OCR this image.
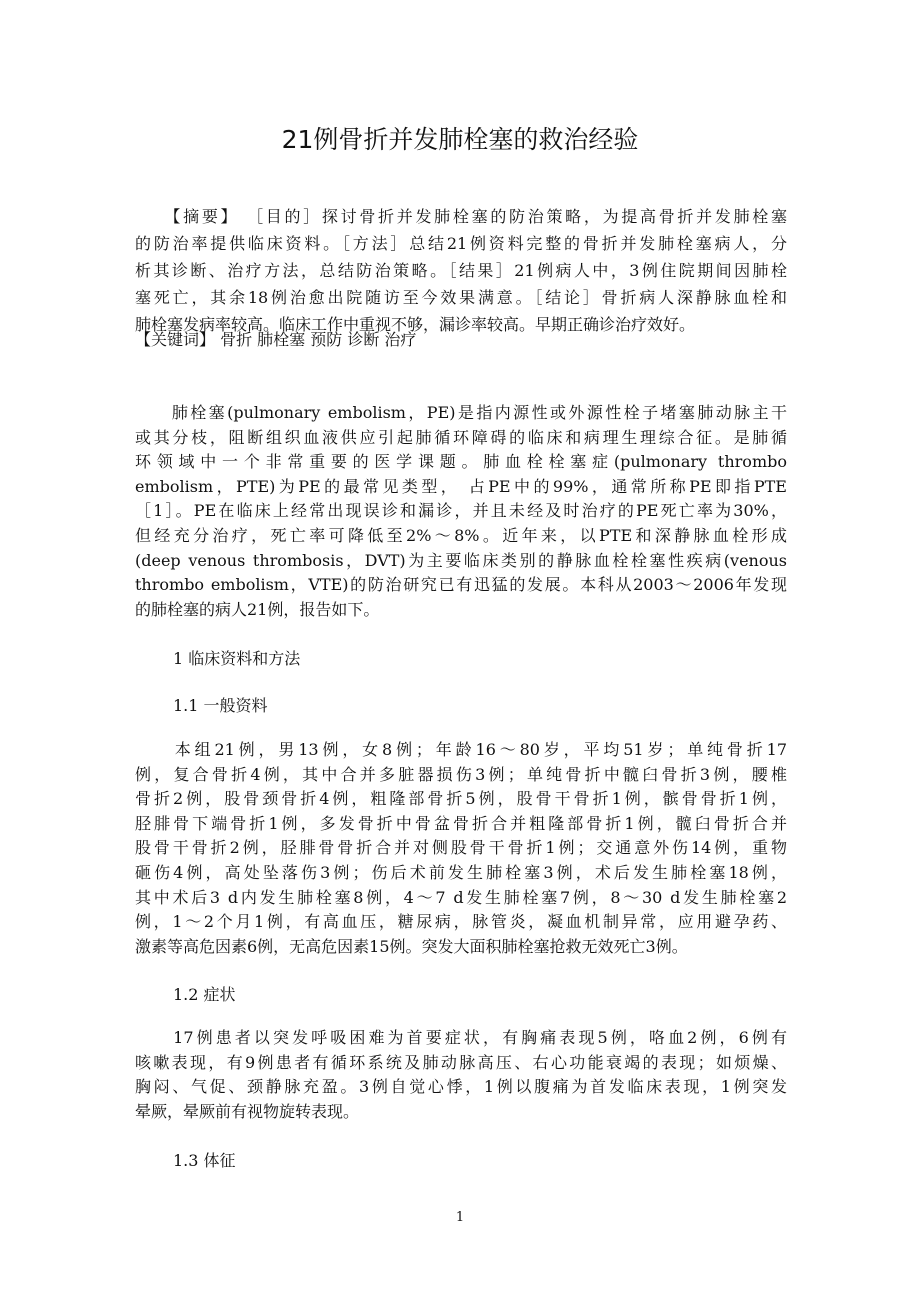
21例骨折并发肺栓塞的救治经验
　　【摘要】 ［目的］探讨骨折并发肺栓塞的防治策略，为提高骨折并发肺栓塞
的防治率提供临床资料。［方法］总结21例资料完整的骨折并发肺栓塞病人，分
析其诊断、治疗方法，总结防治策略。［结果］21例病人中，3例住院期间因肺栓
塞死亡，其余18例治愈出院随访至今效果满意。［结论］骨折病人深静脉血栓和
肺栓塞发病率较高。临床工作中重视不够，漏诊率较高。早期正确诊治疗效好。
【关键词】 骨折 肺栓塞 预防 诊断 治疗
　　肺栓塞(pulmonary embolism，PE)是指内源性或外源性栓子堵塞肺动脉主干
或其分枝，阻断组织血液供应引起肺循环障碍的临床和病理生理综合征。是肺循
环领域中一个非常重要的医学课题。肺血栓栓塞症(pulmonary thrombo
embolism，PTE)为PE的最常见类型， 占PE中的99%，通常所称PE即指PTE
［1］。PE在临床上经常出现误诊和漏诊，并且未经及时治疗的PE死亡率为30%，
但经充分治疗，死亡率可降低至2%～8%。近年来，以PTE和深静脉血栓形成
(deep venous thrombosis，DVT)为主要临床类别的静脉血栓栓塞性疾病(venous
thrombo embolism，VTE)的防治研究已有迅猛的发展。本科从2003～2006年发现
的肺栓塞的病人21例，报告如下。
1 临床资料和方法
1.1 一般资料
　　本组21例，男13例，女8例；年龄16～80岁，平均51岁；单纯骨折17
例，复合骨折4例，其中合并多脏器损伤3例；单纯骨折中髋臼骨折3例，腰椎
骨折2例，股骨颈骨折4例，粗隆部骨折5例，股骨干骨折1例，髌骨骨折1例，
胫腓骨下端骨折1例，多发骨折中骨盆骨折合并粗隆部骨折1例，髋臼骨折合并
股骨干骨折2例，胫腓骨骨折合并对侧股骨干骨折1例；交通意外伤14例，重物
砸伤4例，高处坠落伤3例；伤后术前发生肺栓塞3例，术后发生肺栓塞18例，
其中术后3 d内发生肺栓塞8例，4～7 d发生肺栓塞7例，8～30 d发生肺栓塞2
例，1～2个月1例，有高血压，糖尿病，脉管炎，凝血机制异常，应用避孕药、
激素等高危因素6例，无高危因素15例。突发大面积肺栓塞抢救无效死亡3例。
1.2 症状
　　17例患者以突发呼吸困难为首要症状，有胸痛表现5例，咯血2例，6例有
咳嗽表现，有9例患者有循环系统及肺动脉高压、右心功能衰竭的表现；如烦燥、
胸闷、气促、颈静脉充盈。3例自觉心悸，1例以腹痛为首发临床表现，1例突发
晕厥，晕厥前有视物旋转表现。
1.3 体征
1
